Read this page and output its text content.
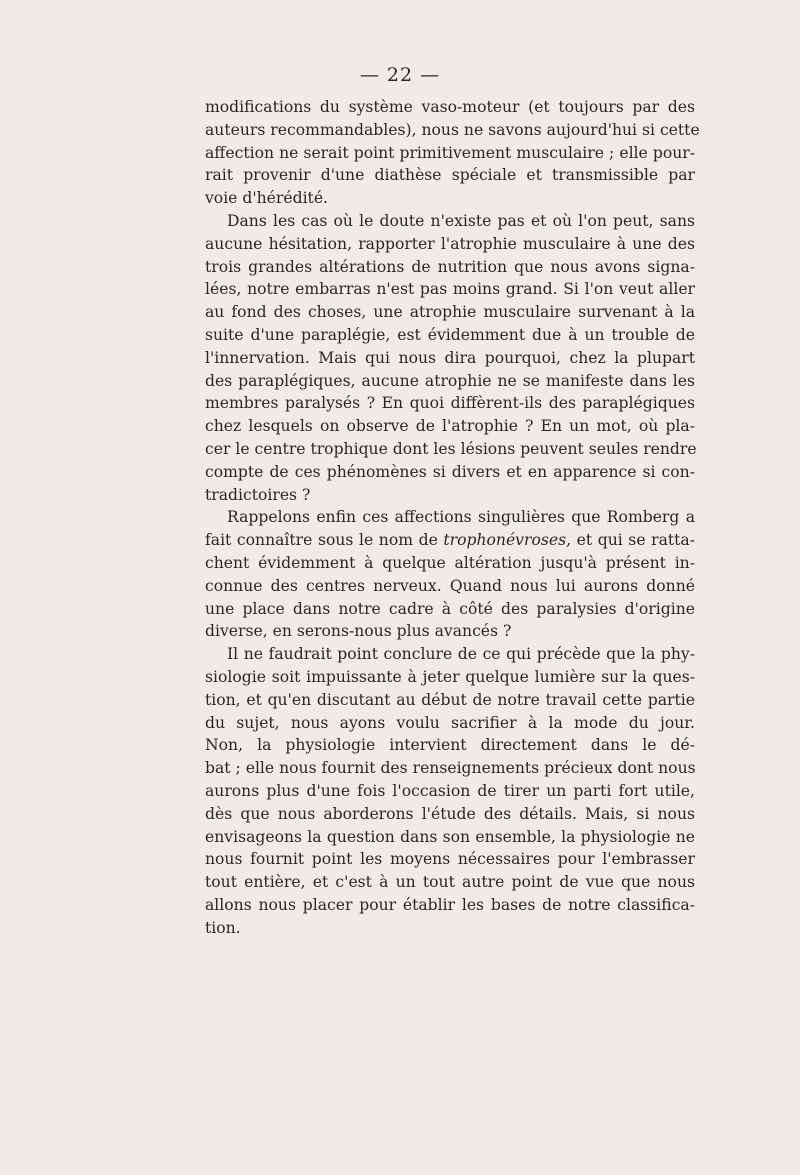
— 22 —
modifications du système vaso-moteur (et toujours par des
auteurs recommandables), nous ne savons aujourd'hui si cette
affection ne serait point primitivement musculaire ; elle pour-
rait provenir d'une diathèse spéciale et transmissible par
voie d'hérédité.
Dans les cas où le doute n'existe pas et où l'on peut, sans
aucune hésitation, rapporter l'atrophie musculaire à une des
trois grandes altérations de nutrition que nous avons signa-
lées, notre embarras n'est pas moins grand. Si l'on veut aller
au fond des choses, une atrophie musculaire survenant à la
suite d'une paraplégie, est évidemment due à un trouble de
l'innervation. Mais qui nous dira pourquoi, chez la plupart
des paraplégiques, aucune atrophie ne se manifeste dans les
membres paralysés ? En quoi diffèrent-ils des paraplégiques
chez lesquels on observe de l'atrophie ? En un mot, où pla-
cer le centre trophique dont les lésions peuvent seules rendre
compte de ces phénomènes si divers et en apparence si con-
tradictoires ?
Rappelons enfin ces affections singulières que Romberg a
fait connaître sous le nom de trophonévroses, et qui se ratta-
chent évidemment à quelque altération jusqu'à présent in-
connue des centres nerveux. Quand nous lui aurons donné
une place dans notre cadre à côté des paralysies d'origine
diverse, en serons-nous plus avancés ?
Il ne faudrait point conclure de ce qui précède que la phy-
siologie soit impuissante à jeter quelque lumière sur la ques-
tion, et qu'en discutant au début de notre travail cette partie
du sujet, nous ayons voulu sacrifier à la mode du jour.
Non, la physiologie intervient directement dans le dé-
bat ; elle nous fournit des renseignements précieux dont nous
aurons plus d'une fois l'occasion de tirer un parti fort utile,
dès que nous aborderons l'étude des détails. Mais, si nous
envisageons la question dans son ensemble, la physiologie ne
nous fournit point les moyens nécessaires pour l'embrasser
tout entière, et c'est à un tout autre point de vue que nous
allons nous placer pour établir les bases de notre classifica-
tion.
